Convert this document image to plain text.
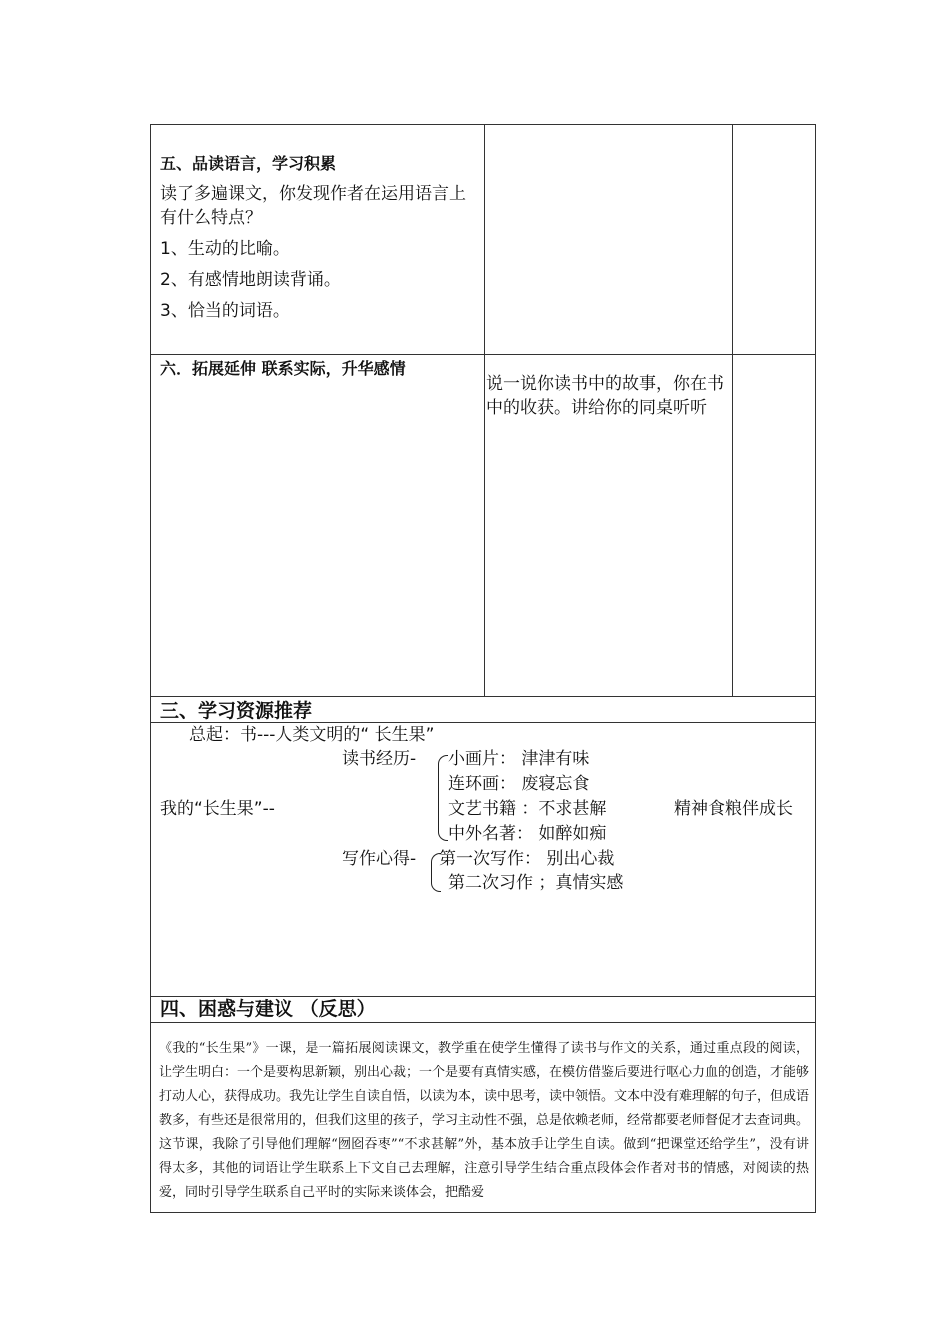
五、品读语言，学习积累
读了多遍课文，你发现作者在运用语言上有什么特点？
1、生动的比喻。
2、有感情地朗读背诵。
3、恰当的词语。
六．拓展延伸 联系实际，升华感情
说一说你读书中的故事，你在书中的收获。讲给你的同桌听听
三、学习资源推荐
总起：书---人类文明的“ 长生果”
读书经历- 小画片： 津津有味
连环画： 废寝忘食
文艺书籍 ：不求甚解
中外名著： 如醉如痴
我的“长生果”--	精神食粮伴成长
写作心得- 第一次写作： 别出心裁
第二次习作 ；真情实感
四、困惑与建议 （反思）
《我的“长生果”》一课，是一篇拓展阅读课文，教学重在使学生懂得了读书与作文的关系，通过重点段的阅读，让学生明白：一个是要构思新颖，别出心裁；一个是要有真情实感，在模仿借鉴后要进行呕心力血的创造，才能够打动人心，获得成功。我先让学生自读自悟，以读为本，读中思考，读中领悟。文本中没有难理解的句子，但成语教多，有些还是很常用的，但我们这里的孩子，学习主动性不强，总是依赖老师，经常都要老师督促才去查词典。这节课，我除了引导他们理解“囫囵吞枣”“不求甚解”外，基本放手让学生自读。做到“把课堂还给学生”，没有讲得太多，其他的词语让学生联系上下文自己去理解，注意引导学生结合重点段体会作者对书的情感，对阅读的热爱，同时引导学生联系自己平时的实际来谈体会，把酷爱
